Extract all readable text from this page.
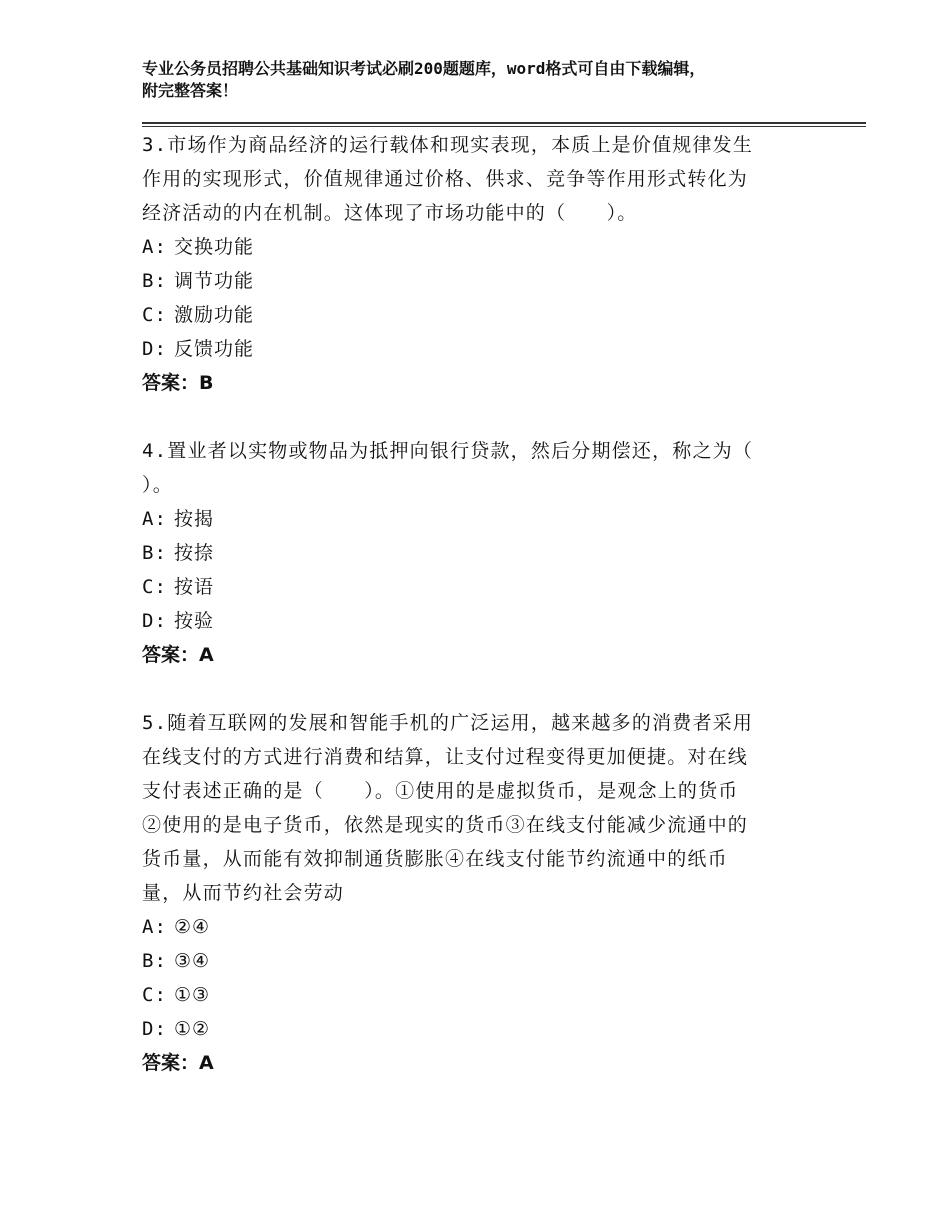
专业公务员招聘公共基础知识考试必刷200题题库，word格式可自由下载编辑，
附完整答案！

3.市场作为商品经济的运行载体和现实表现，本质上是价值规律发生

作用的实现形式，价值规律通过价格、供求、竞争等作用形式转化为

经济活动的内在机制。这体现了市场功能中的（　　）。

A: 交换功能

B: 调节功能

C: 激励功能

D: 反馈功能

答案：B

4.置业者以实物或物品为抵押向银行贷款，然后分期偿还，称之为（

）。

A: 按揭

B: 按捺

C: 按语

D: 按验

答案：A

5.随着互联网的发展和智能手机的广泛运用，越来越多的消费者采用

在线支付的方式进行消费和结算，让支付过程变得更加便捷。对在线

支付表述正确的是（　　）。①使用的是虚拟货币，是观念上的货币

②使用的是电子货币，依然是现实的货币③在线支付能减少流通中的

货币量，从而能有效抑制通货膨胀④在线支付能节约流通中的纸币

量，从而节约社会劳动

A: ②④

B: ③④

C: ①③

D: ①②

答案：A
